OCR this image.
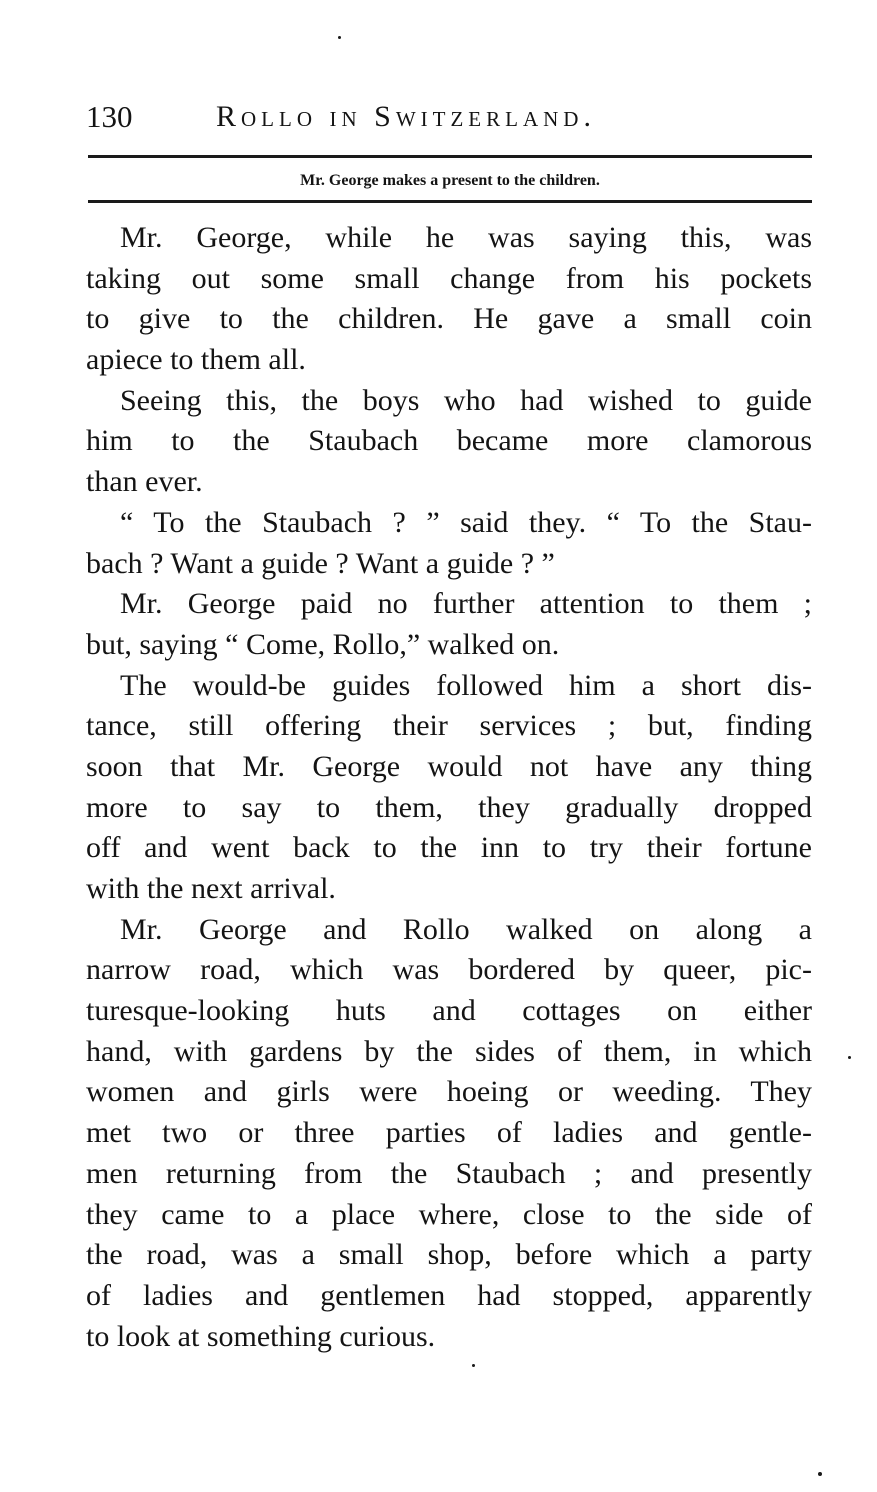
130	Rollo in Switzerland.
Mr. George makes a present to the children.
Mr. George, while he was saying this, was
taking out some small change from his pockets
to give to the children. He gave a small coin
apiece to them all.
Seeing this, the boys who had wished to guide
him to the Staubach became more clamorous
than ever.
“ To the Staubach ? ” said they. “ To the Stau-
bach ? Want a guide ? Want a guide ? ”
Mr. George paid no further attention to them ;
but, saying “ Come, Rollo,” walked on.
The would-be guides followed him a short dis-
tance, still offering their services ; but, finding
soon that Mr. George would not have any thing
more to say to them, they gradually dropped
off and went back to the inn to try their fortune
with the next arrival.
Mr. George and Rollo walked on along a
narrow road, which was bordered by queer, pic-
turesque-looking huts and cottages on either
hand, with gardens by the sides of them, in which
women and girls were hoeing or weeding. They
met two or three parties of ladies and gentle-
men returning from the Staubach ; and presently
they came to a place where, close to the side of
the road, was a small shop, before which a party
of ladies and gentlemen had stopped, apparently
to look at something curious.
